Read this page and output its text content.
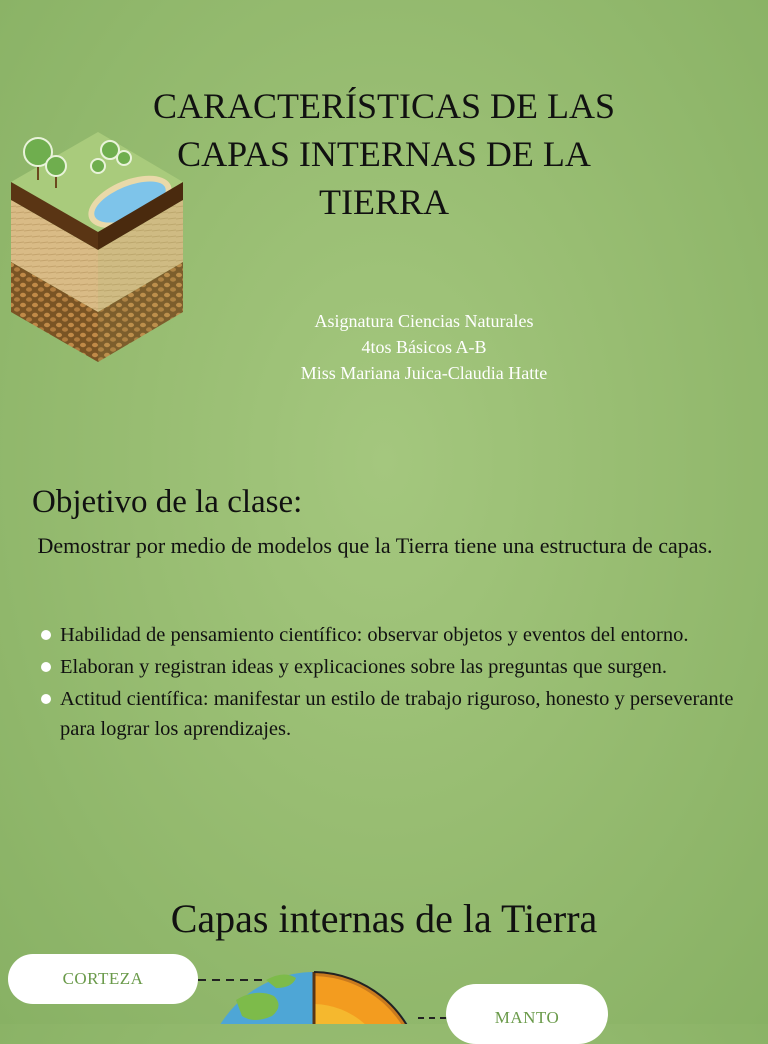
CARACTERÍSTICAS DE LAS CAPAS INTERNAS DE LA TIERRA
Asignatura Ciencias Naturales
4tos Básicos A-B
Miss Mariana Juica-Claudia Hatte
Objetivo de la clase:

Demostrar por medio de modelos que la Tierra tiene una estructura de capas.

Habilidad de pensamiento científico: observar objetos y eventos del entorno.
Elaboran y registran ideas y explicaciones sobre las preguntas que surgen.
Actitud científica: manifestar un estilo de trabajo riguroso, honesto y perseverante para lograr los aprendizajes.
Capas internas de la Tierra
CORTEZA
MANTO
